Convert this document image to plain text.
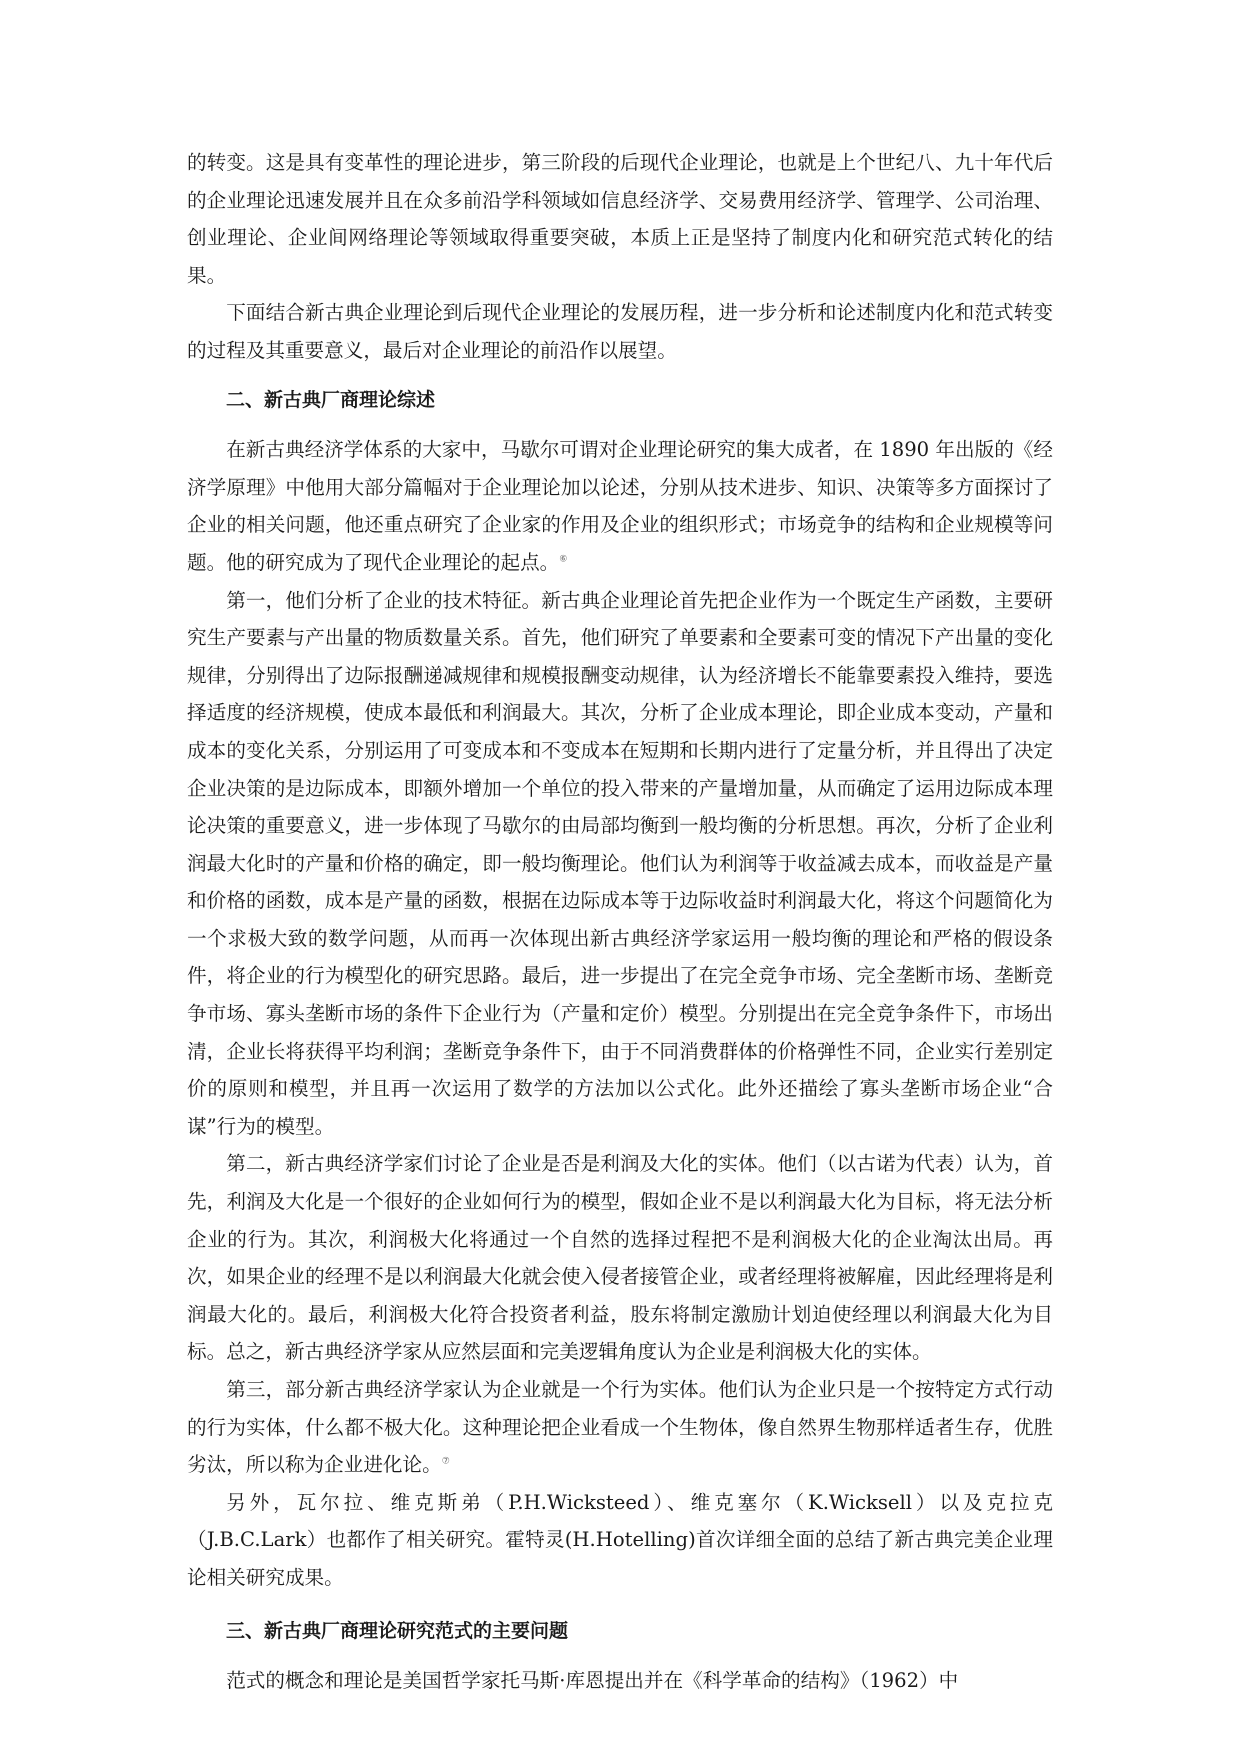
的转变。这是具有变革性的理论进步，第三阶段的后现代企业理论，也就是上个世纪八、九十年代后的企业理论迅速发展并且在众多前沿学科领域如信息经济学、交易费用经济学、管理学、公司治理、创业理论、企业间网络理论等领域取得重要突破，本质上正是坚持了制度内化和研究范式转化的结果。

下面结合新古典企业理论到后现代企业理论的发展历程，进一步分析和论述制度内化和范式转变的过程及其重要意义，最后对企业理论的前沿作以展望。

二、新古典厂商理论综述

在新古典经济学体系的大家中，马歇尔可谓对企业理论研究的集大成者，在 1890 年出版的《经济学原理》中他用大部分篇幅对于企业理论加以论述，分别从技术进步、知识、决策等多方面探讨了企业的相关问题，他还重点研究了企业家的作用及企业的组织形式；市场竞争的结构和企业规模等问题。他的研究成为了现代企业理论的起点。⑥

第一，他们分析了企业的技术特征。新古典企业理论首先把企业作为一个既定生产函数，主要研究生产要素与产出量的物质数量关系。首先，他们研究了单要素和全要素可变的情况下产出量的变化规律，分别得出了边际报酬递减规律和规模报酬变动规律，认为经济增长不能靠要素投入维持，要选择适度的经济规模，使成本最低和利润最大。其次，分析了企业成本理论，即企业成本变动，产量和成本的变化关系，分别运用了可变成本和不变成本在短期和长期内进行了定量分析，并且得出了决定企业决策的是边际成本，即额外增加一个单位的投入带来的产量增加量，从而确定了运用边际成本理论决策的重要意义，进一步体现了马歇尔的由局部均衡到一般均衡的分析思想。再次，分析了企业利润最大化时的产量和价格的确定，即一般均衡理论。他们认为利润等于收益减去成本，而收益是产量和价格的函数，成本是产量的函数，根据在边际成本等于边际收益时利润最大化，将这个问题简化为一个求极大致的数学问题，从而再一次体现出新古典经济学家运用一般均衡的理论和严格的假设条件，将企业的行为模型化的研究思路。最后，进一步提出了在完全竞争市场、完全垄断市场、垄断竞争市场、寡头垄断市场的条件下企业行为（产量和定价）模型。分别提出在完全竞争条件下，市场出清，企业长将获得平均利润；垄断竞争条件下，由于不同消费群体的价格弹性不同，企业实行差别定价的原则和模型，并且再一次运用了数学的方法加以公式化。此外还描绘了寡头垄断市场企业“合谋”行为的模型。

第二，新古典经济学家们讨论了企业是否是利润及大化的实体。他们（以古诺为代表）认为，首先，利润及大化是一个很好的企业如何行为的模型，假如企业不是以利润最大化为目标，将无法分析企业的行为。其次，利润极大化将通过一个自然的选择过程把不是利润极大化的企业淘汰出局。再次，如果企业的经理不是以利润最大化就会使入侵者接管企业，或者经理将被解雇，因此经理将是利润最大化的。最后，利润极大化符合投资者利益，股东将制定激励计划迫使经理以利润最大化为目标。总之，新古典经济学家从应然层面和完美逻辑角度认为企业是利润极大化的实体。

第三，部分新古典经济学家认为企业就是一个行为实体。他们认为企业只是一个按特定方式行动的行为实体，什么都不极大化。这种理论把企业看成一个生物体，像自然界生物那样适者生存，优胜劣汰，所以称为企业进化论。⑦

另外，瓦尔拉、维克斯弟（P.H.Wicksteed）、维克塞尔（K.Wicksell）以及克拉克（J.B.C.Lark）也都作了相关研究。霍特灵(H.Hotelling)首次详细全面的总结了新古典完美企业理论相关研究成果。

三、新古典厂商理论研究范式的主要问题

范式的概念和理论是美国哲学家托马斯·库恩提出并在《科学革命的结构》（1962）中
